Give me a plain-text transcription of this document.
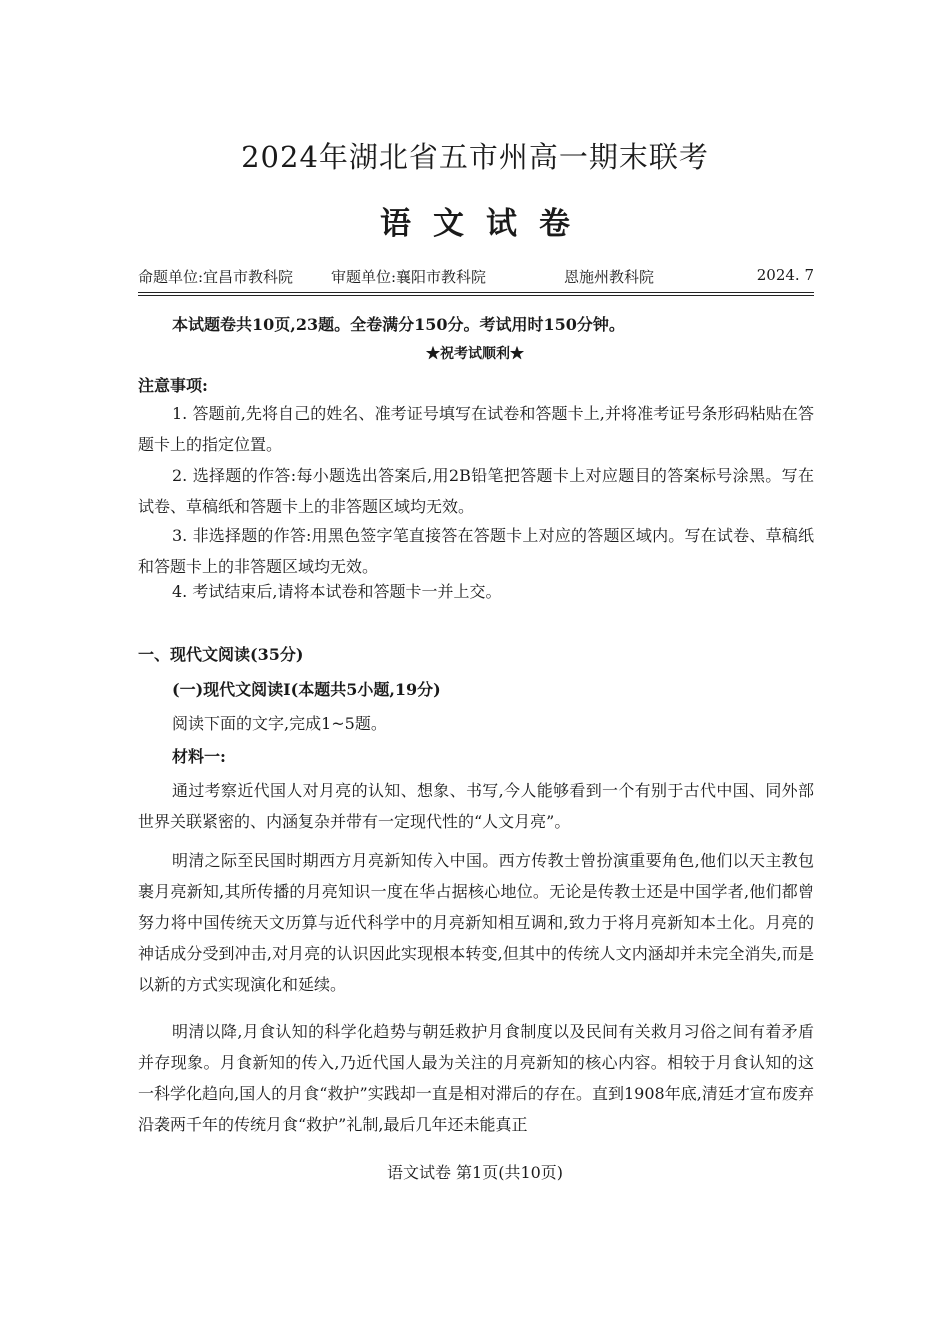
2024年湖北省五市州高一期末联考
语文试卷
命题单位:宜昌市教科院	审题单位:襄阳市教科院	恩施州教科院	2024. 7
本试题卷共10页,23题。全卷满分150分。考试用时150分钟。
★祝考试顺利★
注意事项:
1. 答题前,先将自己的姓名、准考证号填写在试卷和答题卡上,并将准考证号条形码粘贴在答题卡上的指定位置。
2. 选择题的作答:每小题选出答案后,用2B铅笔把答题卡上对应题目的答案标号涂黑。写在试卷、草稿纸和答题卡上的非答题区域均无效。
3. 非选择题的作答:用黑色签字笔直接答在答题卡上对应的答题区域内。写在试卷、草稿纸和答题卡上的非答题区域均无效。
4. 考试结束后,请将本试卷和答题卡一并上交。
一、现代文阅读(35分)
(一)现代文阅读I(本题共5小题,19分)
阅读下面的文字,完成1~5题。
材料一:
通过考察近代国人对月亮的认知、想象、书写,今人能够看到一个有别于古代中国、同外部世界关联紧密的、内涵复杂并带有一定现代性的“人文月亮”。
明清之际至民国时期西方月亮新知传入中国。西方传教士曾扮演重要角色,他们以天主教包裹月亮新知,其所传播的月亮知识一度在华占据核心地位。无论是传教士还是中国学者,他们都曾努力将中国传统天文历算与近代科学中的月亮新知相互调和,致力于将月亮新知本土化。月亮的神话成分受到冲击,对月亮的认识因此实现根本转变,但其中的传统人文内涵却并未完全消失,而是以新的方式实现演化和延续。
明清以降,月食认知的科学化趋势与朝廷救护月食制度以及民间有关救月习俗之间有着矛盾并存现象。月食新知的传入,乃近代国人最为关注的月亮新知的核心内容。相较于月食认知的这一科学化趋向,国人的月食“救护”实践却一直是相对滞后的存在。直到1908年底,清廷才宣布废弃沿袭两千年的传统月食“救护”礼制,最后几年还未能真正
语文试卷 第1页(共10页)
